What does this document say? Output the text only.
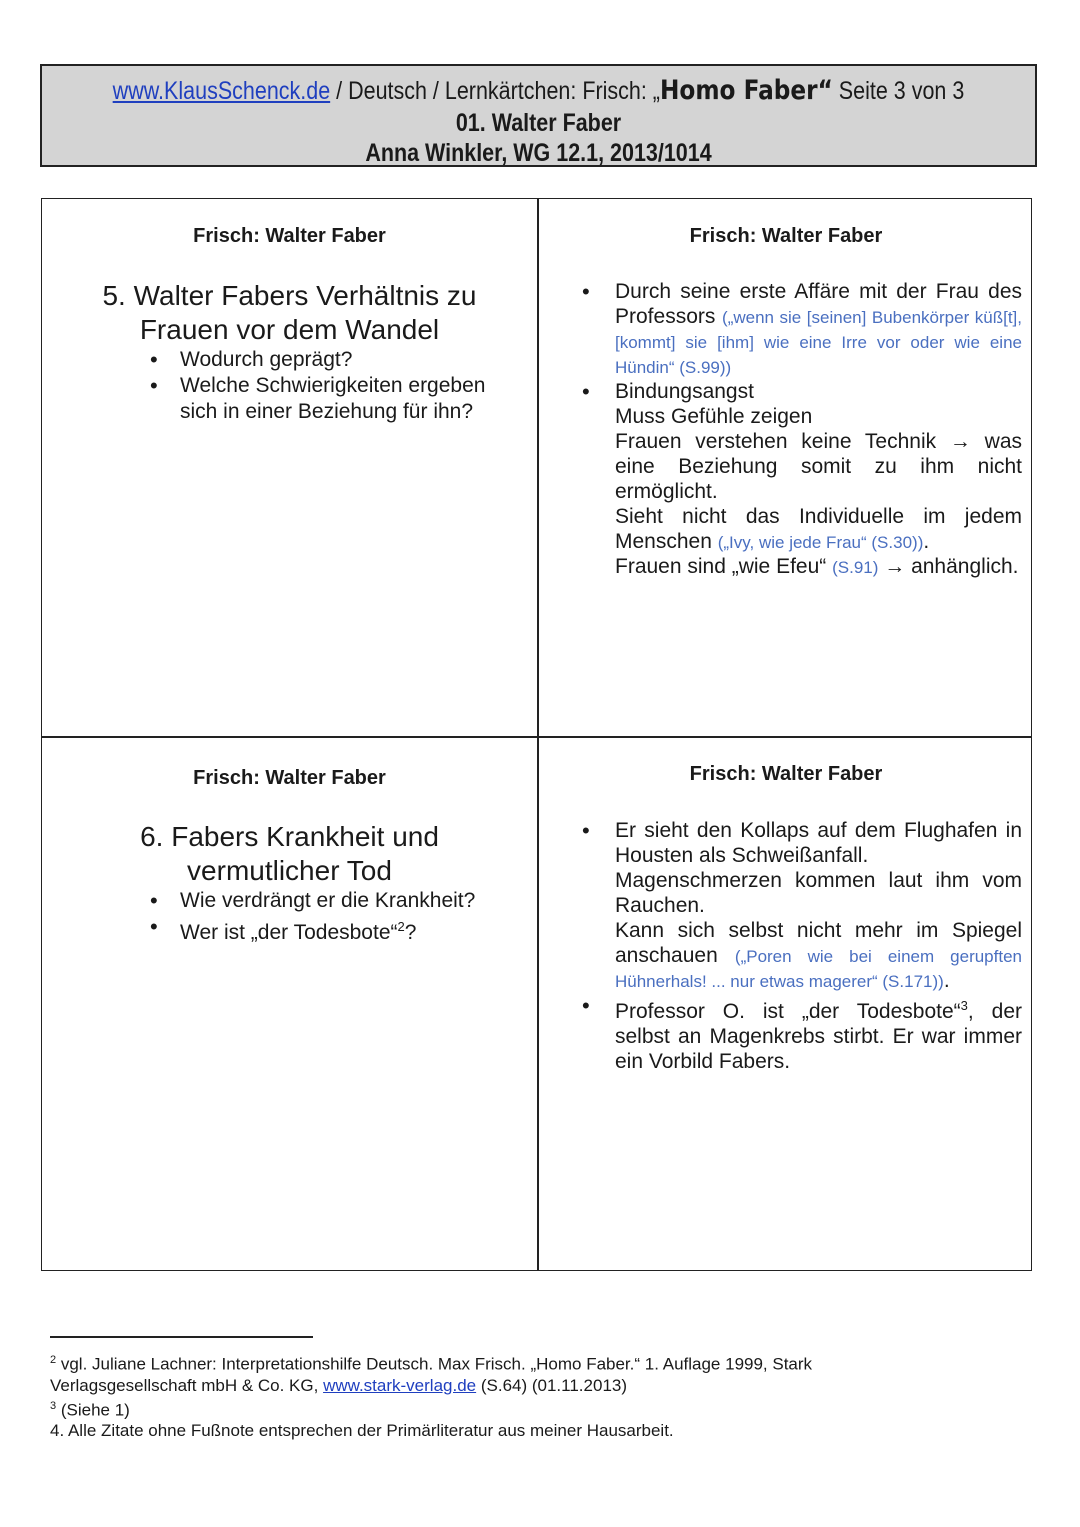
www.KlausSchenck.de / Deutsch / Lernkärtchen: Frisch: „Homo Faber“ Seite 3 von 3
01. Walter Faber
Anna Winkler, WG 12.1, 2013/1014
Frisch: Walter Faber
5. Walter Fabers Verhältnis zu Frauen vor dem Wandel
• Wodurch geprägt?
• Welche Schwierigkeiten ergeben sich in einer Beziehung für ihn?
Frisch: Walter Faber
• Durch seine erste Affäre mit der Frau des Professors („wenn sie [seinen] Bubenkörper küß[t], [kommt] sie [ihm] wie eine Irre vor oder wie eine Hündin“ (S.99))
• Bindungsangst
Muss Gefühle zeigen
Frauen verstehen keine Technik → was eine Beziehung somit zu ihm nicht ermöglicht.
Sieht nicht das Individuelle im jedem Menschen („Ivy, wie jede Frau“ (S.30)).
Frauen sind „wie Efeu“ (S.91) → anhänglich.
Frisch: Walter Faber
6. Fabers Krankheit und vermutlicher Tod
• Wie verdrängt er die Krankheit?
• Wer ist „der Todesbote“$^2$?
Frisch: Walter Faber
• Er sieht den Kollaps auf dem Flughafen in Housten als Schweißanfall.
Magenschmerzen kommen laut ihm vom Rauchen.
Kann sich selbst nicht mehr im Spiegel anschauen („Poren wie bei einem gerupften Hühnerhals! ... nur etwas magerer“ (S.171)).
• Professor O. ist „der Todesbote“$^3$, der selbst an Magenkrebs stirbt. Er war immer ein Vorbild Fabers.

$^2$ vgl. Juliane Lachner: Interpretationshilfe Deutsch. Max Frisch. „Homo Faber.“ 1. Auflage 1999, Stark Verlagsgesellschaft mbH & Co. KG, www.stark-verlag.de (S.64) (01.11.2013)

$^3$ (Siehe 1)

4. Alle Zitate ohne Fußnote entsprechen der Primärliteratur aus meiner Hausarbeit.
